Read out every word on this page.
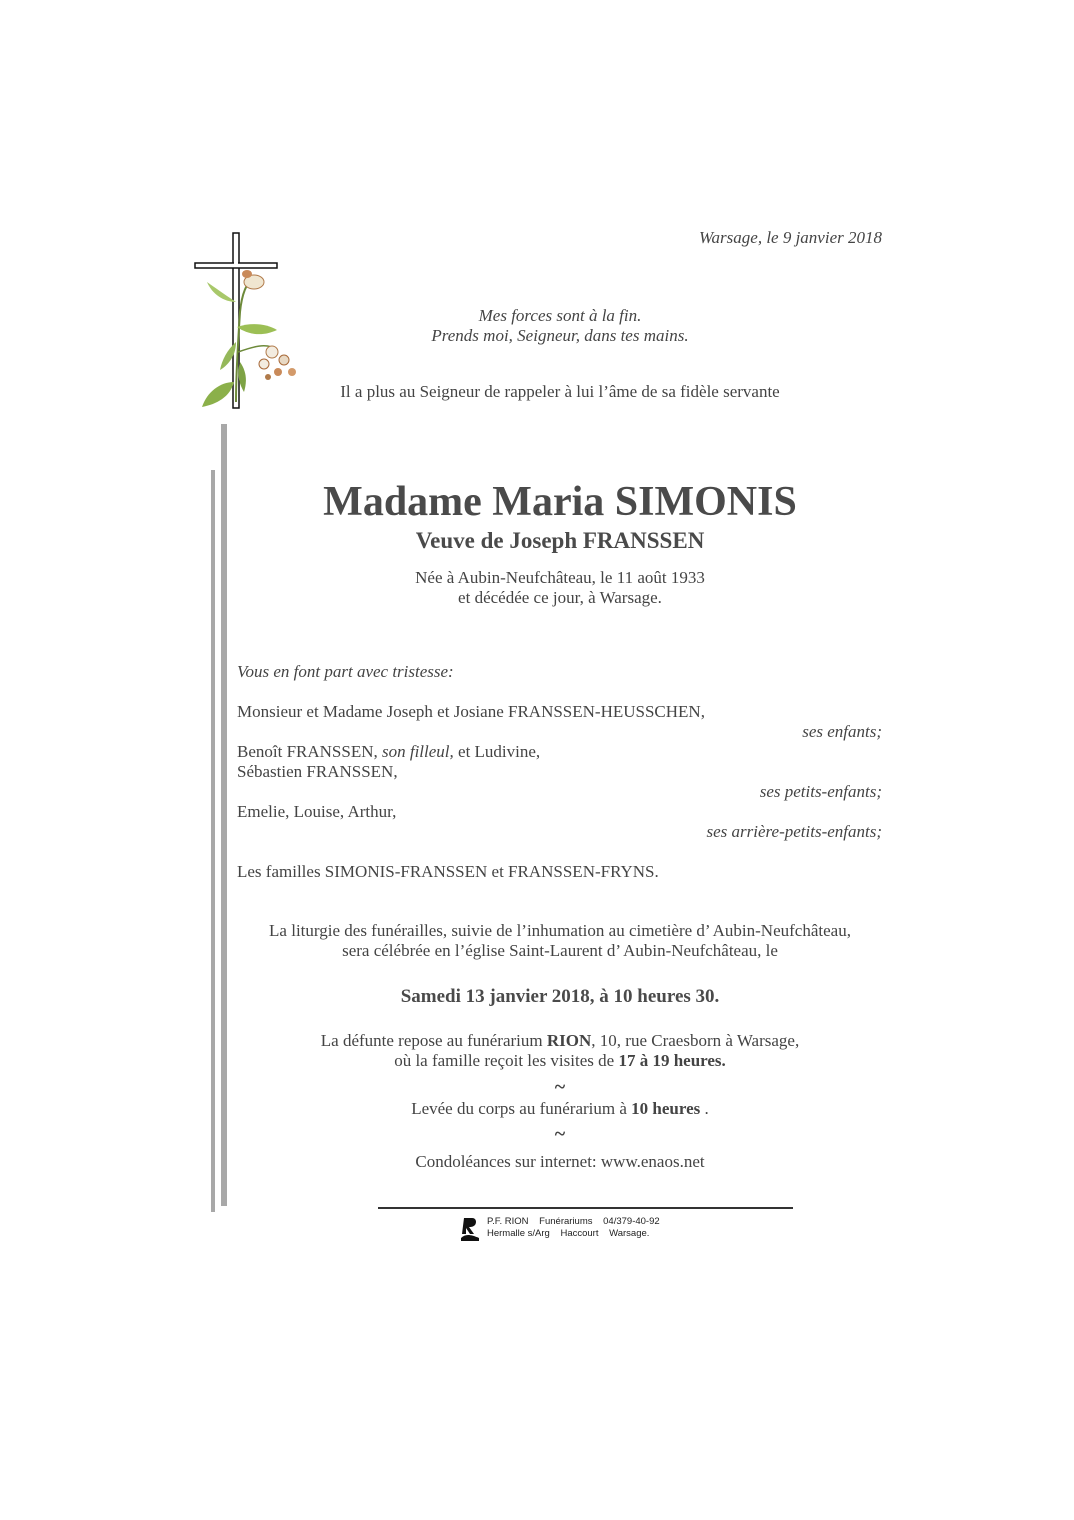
Warsage, le 9 janvier 2018
Mes forces sont à la fin.
Prends moi, Seigneur, dans tes mains.
Il a plus au Seigneur de rappeler à lui l’âme de sa fidèle servante
Madame Maria SIMONIS
Veuve de Joseph FRANSSEN
Née à Aubin-Neufchâteau, le 11 août 1933
et décédée ce jour, à Warsage.
Vous en font part avec tristesse:
Monsieur et Madame Joseph et Josiane FRANSSEN-HEUSSCHEN,
ses enfants;
Benoît FRANSSEN, son filleul, et Ludivine,
Sébastien FRANSSEN,
ses petits-enfants;
Emelie, Louise, Arthur,
ses arrière-petits-enfants;
Les familles SIMONIS-FRANSSEN et FRANSSEN-FRYNS.
La liturgie des funérailles, suivie de l’inhumation au cimetière d’ Aubin-Neufchâteau,
sera célébrée en l’église Saint-Laurent d’ Aubin-Neufchâteau, le
Samedi 13 janvier 2018, à 10 heures 30.
La défunte repose au funérarium RION, 10, rue Craesborn à Warsage,
où la famille reçoit les visites de 17 à 19 heures.
~
Levée du corps au funérarium à 10 heures .
~
Condoléances sur internet: www.enaos.net
P.F. RION Funérariums 04/379-40-92
Hermalle s/Arg Haccourt Warsage.
